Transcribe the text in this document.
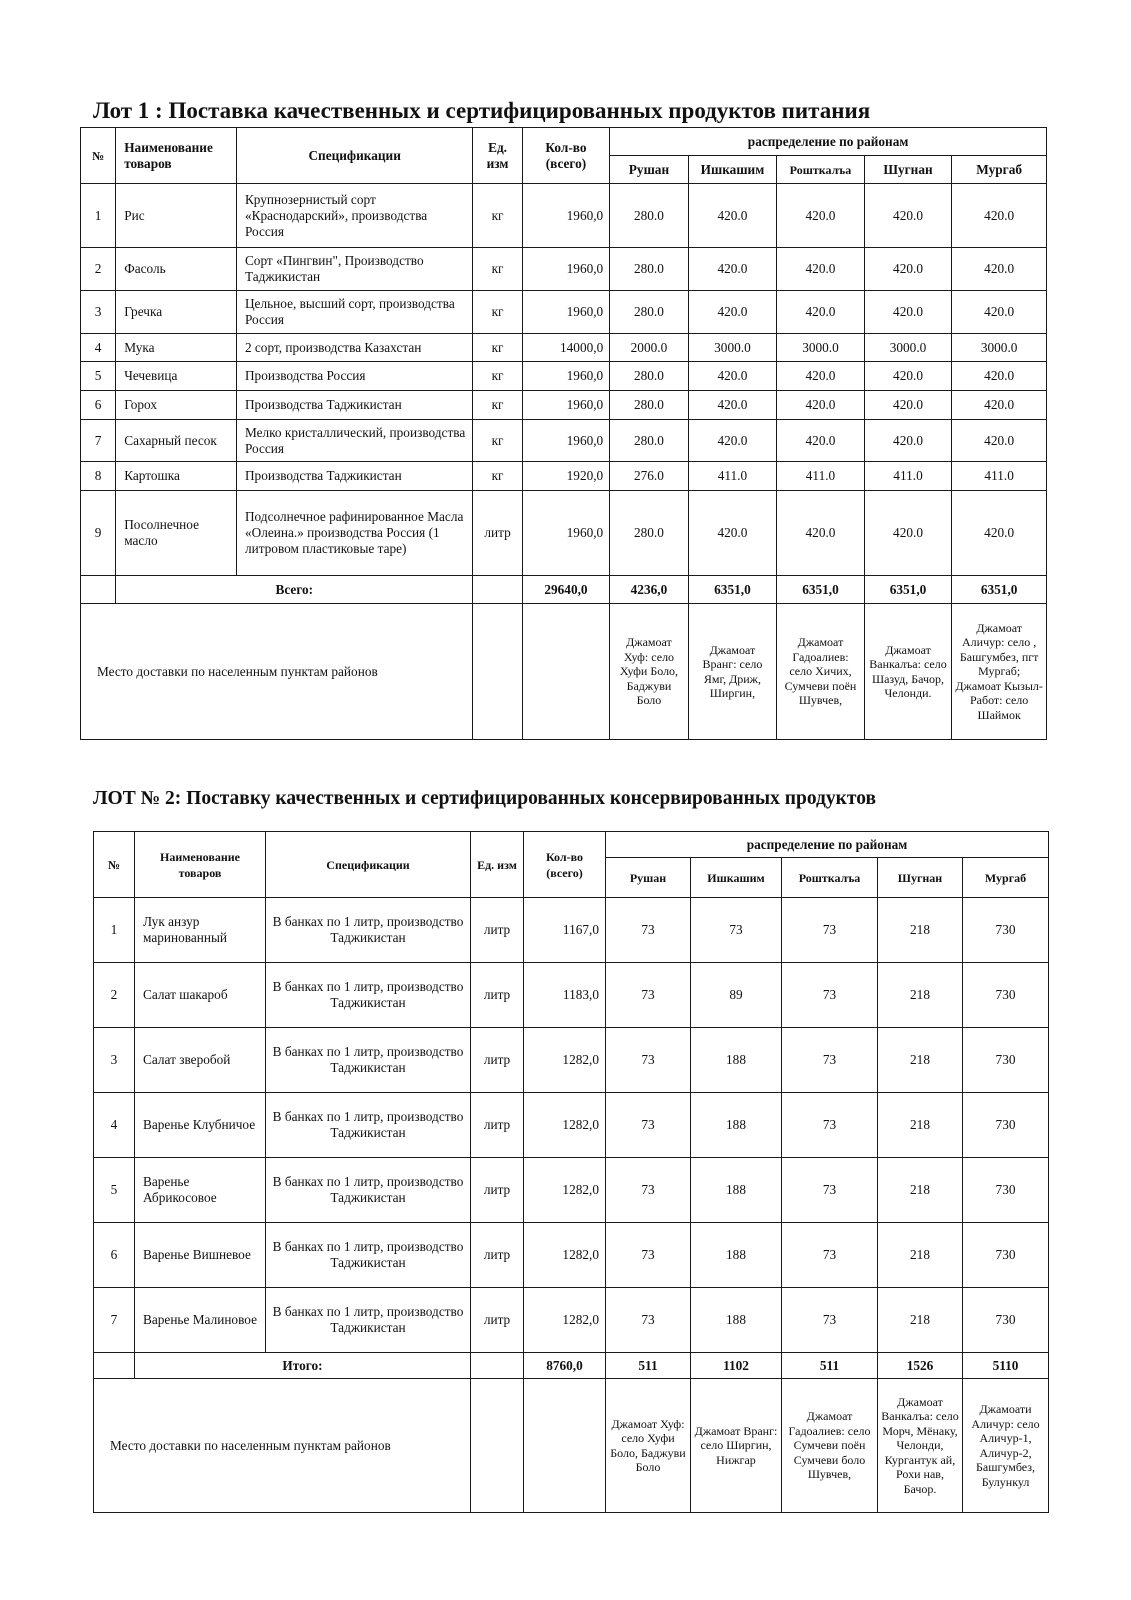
Лот 1 : Поставка качественных и сертифицированных продуктов питания
№	Наименование товаров	Спецификации	Ед. изм	Кол-во (всего)	распределение по районам				
					Рушан	Ишкашим	Рошткалъа	Шугнан	Мургаб
1	Рис	Крупнозернистый сорт «Краснодарский», производства Россия	кг	1960,0	280.0	420.0	420.0	420.0	420.0
2	Фасоль	Сорт «Пингвин", Производство Таджикистан	кг	1960,0	280.0	420.0	420.0	420.0	420.0
3	Гречка	Цельное, высший сорт, производства Россия	кг	1960,0	280.0	420.0	420.0	420.0	420.0
4	Мука	2 сорт, производства Казахстан	кг	14000,0	2000.0	3000.0	3000.0	3000.0	3000.0
5	Чечевица	Производства Россия	кг	1960,0	280.0	420.0	420.0	420.0	420.0
6	Горох	Производства Таджикистан	кг	1960,0	280.0	420.0	420.0	420.0	420.0
7	Сахарный песок	Мелко кристаллический, производства Россия	кг	1960,0	280.0	420.0	420.0	420.0	420.0
8	Картошка	Производства Таджикистан	кг	1920,0	276.0	411.0	411.0	411.0	411.0
9	Посолнечное масло	Подсолнечное рафинированное Масла «Олеина.» производства Россия (1 литровом пластиковые таре)	литр	1960,0	280.0	420.0	420.0	420.0	420.0
	Всего:			29640,0	4236,0	6351,0	6351,0	6351,0	6351,0
Место доставки по населенным пунктам районов					Джамоат Хуф: село Хуфи Боло, Баджуви Боло	Джамоат Вранг: село Ямг, Дриж, Шиpгин,	Джамоат Гадоалиев: село Хичих, Сумчеви поён Шувчев,	Джамоат Ванкалъа: село Шазуд, Бачор, Челонди.	Джамоат Аличур: село , Башгумбез, пгт Мургаб; Джамоат Кызыл-Работ: село Шаймок
ЛОТ № 2: Поставку качественных и сертифицированных консервированных продуктов
№	Наименование товаров	Спецификации	Ед. изм	Кол-во (всего)	распределение по районам				
					Рушан	Ишкашим	Рошткалъа	Шугнан	Мургаб
1	Лук анзур маринованный	В банках по 1 литр, производство Таджикистан	литр	1167,0	73	73	73	218	730
2	Салат шакароб	В банках по 1 литр, производство Таджикистан	литр	1183,0	73	89	73	218	730
3	Салат зверобой	В банках по 1 литр, производство Таджикистан	литр	1282,0	73	188	73	218	730
4	Варенье Клубничое	В банках по 1 литр, производство Таджикистан	литр	1282,0	73	188	73	218	730
5	Варенье Абрикосовое	В банках по 1 литр, производство Таджикистан	литр	1282,0	73	188	73	218	730
6	Варенье Вишневое	В банках по 1 литр, производство Таджикистан	литр	1282,0	73	188	73	218	730
7	Варенье Малиновое	В банках по 1 литр, производство Таджикистан	литр	1282,0	73	188	73	218	730
	Итого:			8760,0	511	1102	511	1526	5110
Место доставки по населенным пунктам районов					Джамоат Хуф: село Хуфи Боло, Баджуви Боло	Джамоат Вранг: село Шиpгин, Нижгар	Джамоат Гадоалиев: село Сумчеви поён Сумчеви боло Шувчев,	Джамоат Ванкалъа: село Морч, Мёнаку, Челонди, Кургантук ай, Рохи нав, Бачор.	Джамоати Аличур: село Аличур-1, Аличур-2, Башгумбез, Булункул
